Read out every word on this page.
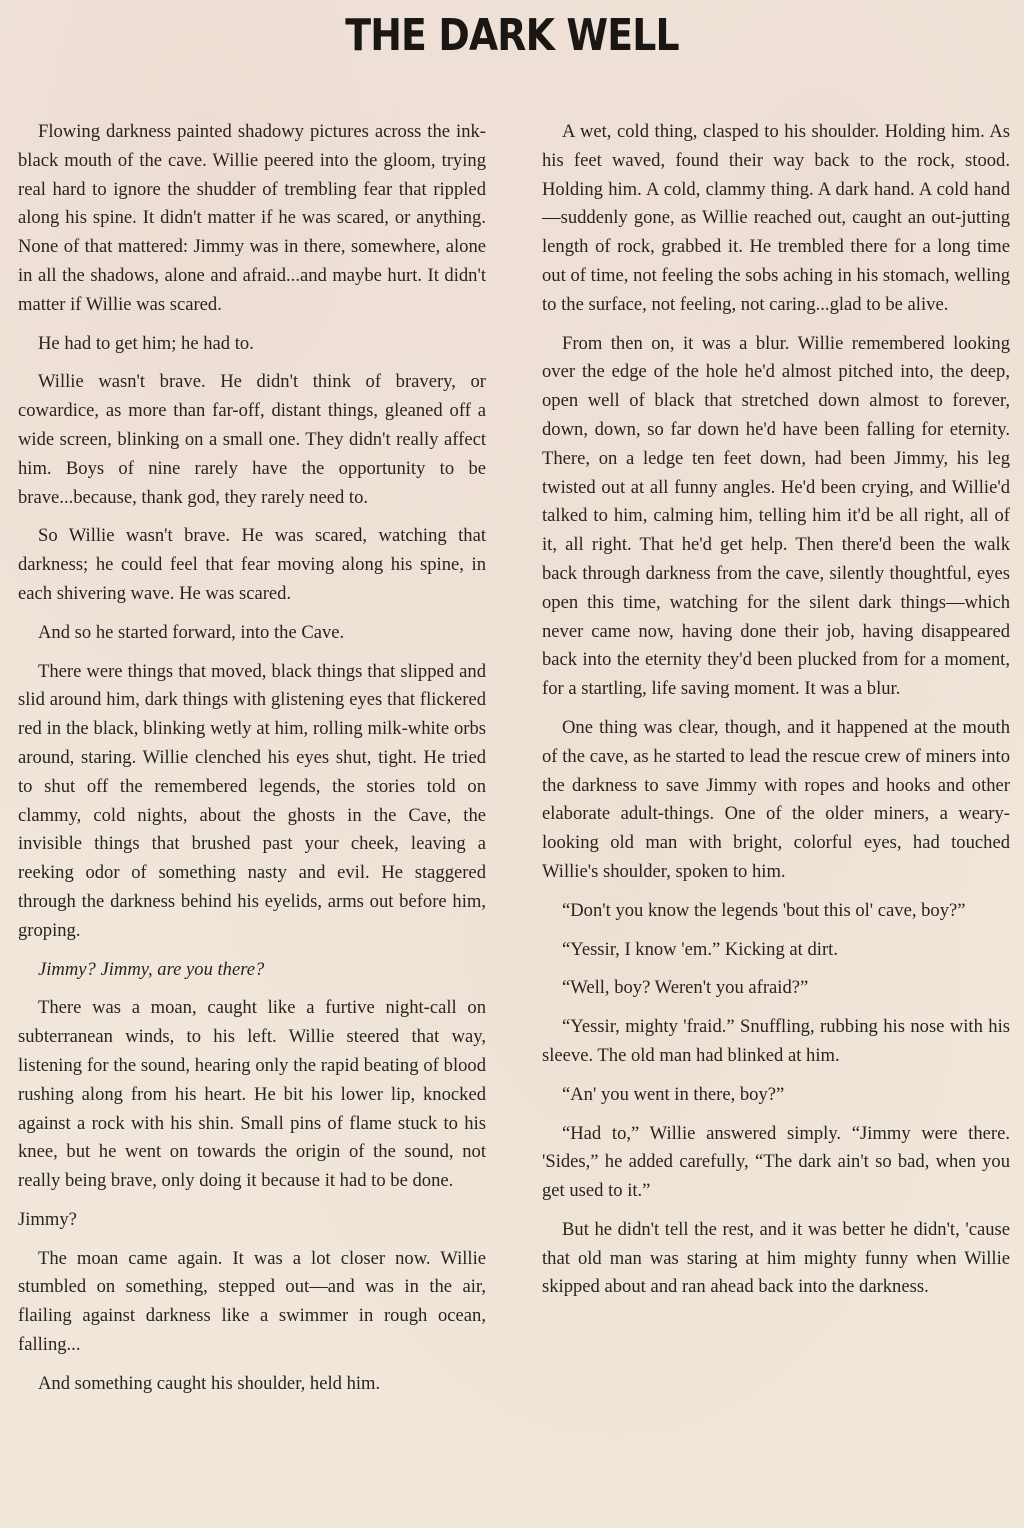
THE DARK WELL

Flowing darkness painted shadowy pictures across the ink-black mouth of the cave. Willie peered into the gloom, trying real hard to ignore the shudder of trembling fear that rippled along his spine. It didn't matter if he was scared, or anything. None of that mattered: Jimmy was in there, somewhere, alone in all the shadows, alone and afraid...and maybe hurt. It didn't matter if Willie was scared.

He had to get him; he had to.

Willie wasn't brave. He didn't think of bravery, or cowardice, as more than far-off, distant things, gleaned off a wide screen, blinking on a small one. They didn't really affect him. Boys of nine rarely have the opportunity to be brave...because, thank god, they rarely need to.

So Willie wasn't brave. He was scared, watching that darkness; he could feel that fear moving along his spine, in each shivering wave. He was scared.

And so he started forward, into the Cave.

There were things that moved, black things that slipped and slid around him, dark things with glistening eyes that flickered red in the black, blinking wetly at him, rolling milk-white orbs around, staring. Willie clenched his eyes shut, tight. He tried to shut off the remembered legends, the stories told on clammy, cold nights, about the ghosts in the Cave, the invisible things that brushed past your cheek, leaving a reeking odor of something nasty and evil. He staggered through the darkness behind his eyelids, arms out before him, groping.

Jimmy? Jimmy, are you there?

There was a moan, caught like a furtive night-call on subterranean winds, to his left. Willie steered that way, listening for the sound, hearing only the rapid beating of blood rushing along from his heart. He bit his lower lip, knocked against a rock with his shin. Small pins of flame stuck to his knee, but he went on towards the origin of the sound, not really being brave, only doing it because it had to be done.

Jimmy?

The moan came again. It was a lot closer now. Willie stumbled on something, stepped out—and was in the air, flailing against darkness like a swimmer in rough ocean, falling...

And something caught his shoulder, held him.

A wet, cold thing, clasped to his shoulder. Holding him. As his feet waved, found their way back to the rock, stood. Holding him. A cold, clammy thing. A dark hand. A cold hand—suddenly gone, as Willie reached out, caught an out-jutting length of rock, grabbed it. He trembled there for a long time out of time, not feeling the sobs aching in his stomach, welling to the surface, not feeling, not caring...glad to be alive.

From then on, it was a blur. Willie remembered looking over the edge of the hole he'd almost pitched into, the deep, open well of black that stretched down almost to forever, down, down, so far down he'd have been falling for eternity. There, on a ledge ten feet down, had been Jimmy, his leg twisted out at all funny angles. He'd been crying, and Willie'd talked to him, calming him, telling him it'd be all right, all of it, all right. That he'd get help. Then there'd been the walk back through darkness from the cave, silently thoughtful, eyes open this time, watching for the silent dark things—which never came now, having done their job, having disappeared back into the eternity they'd been plucked from for a moment, for a startling, life saving moment. It was a blur.

One thing was clear, though, and it happened at the mouth of the cave, as he started to lead the rescue crew of miners into the darkness to save Jimmy with ropes and hooks and other elaborate adult-things. One of the older miners, a weary-looking old man with bright, colorful eyes, had touched Willie's shoulder, spoken to him.

“Don't you know the legends 'bout this ol' cave, boy?”

“Yessir, I know 'em.” Kicking at dirt.

“Well, boy? Weren't you afraid?”

“Yessir, mighty 'fraid.” Snuffling, rubbing his nose with his sleeve. The old man had blinked at him.

“An' you went in there, boy?”

“Had to,” Willie answered simply. “Jimmy were there. 'Sides,” he added carefully, “The dark ain't so bad, when you get used to it.”

But he didn't tell the rest, and it was better he didn't, 'cause that old man was staring at him mighty funny when Willie skipped about and ran ahead back into the darkness.
